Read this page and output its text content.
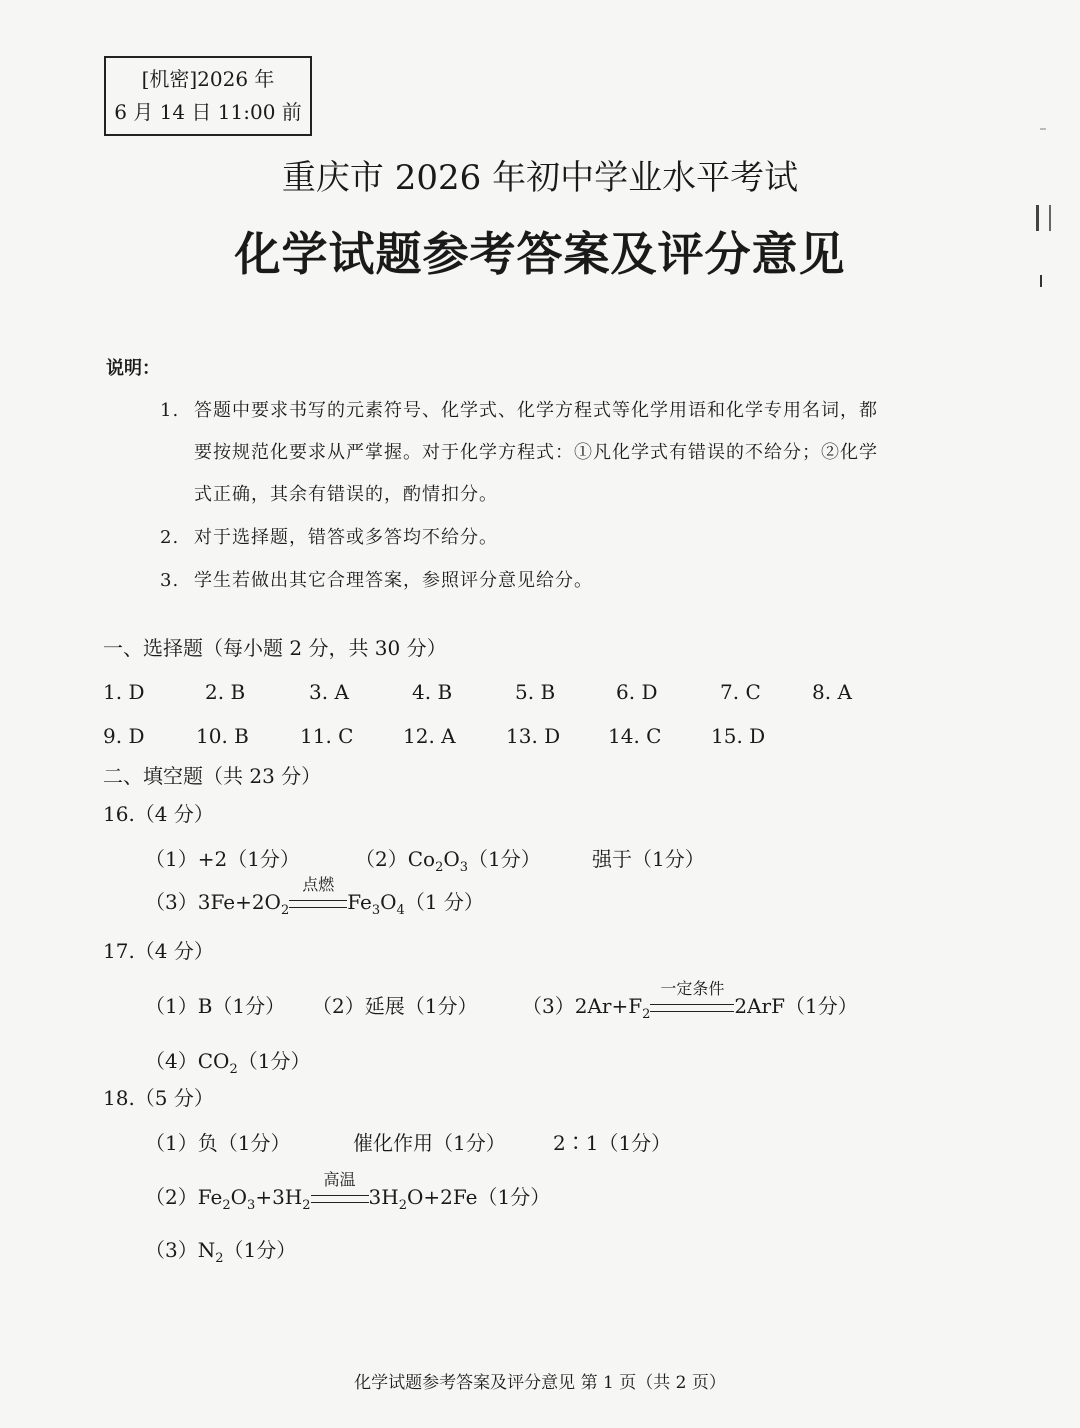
[机密]2026 年
6 月 14 日 11:00 前
重庆市 2026 年初中学业水平考试
化学试题参考答案及评分意见
说明：
1. 答题中要求书写的元素符号、化学式、化学方程式等化学用语和化学专用名词，都
要按规范化要求从严掌握。对于化学方程式：①凡化学式有错误的不给分；②化学
式正确，其余有错误的，酌情扣分。
2. 对于选择题，错答或多答均不给分。
3. 学生若做出其它合理答案，参照评分意见给分。
一、选择题（每小题 2 分，共 30 分）
1. D	2. B	3. A	4. B	5. B	6. D	7. C	8. A
9. D	10. B	11. C 12. A	13. D 14. C 15. D
二、填空题（共 23 分）
16.（4 分）
（1）+2（1分）	$(2)Co_2O_3(1$分）	强于（1分）
$(3)3Fe+2O_2$
点燃
$Fe_3O_4(1$ 分）
17.（4 分）
（1）B（1分） （2）延展（1分） $(3)2Ar+F_2$
一定条件
2ArF（1分）
$(4)CO_2(1$分）
18.（5 分）
（1）负（1分）	催化作用（1分） 2∶1（1分）
$(2)Fe_2O_3+3H_2$
高温
$3H_2O+2Fe(1$分）
$(3)N_2(1$分）
化学试题参考答案及评分意见 第 1 页（共 2 页）
